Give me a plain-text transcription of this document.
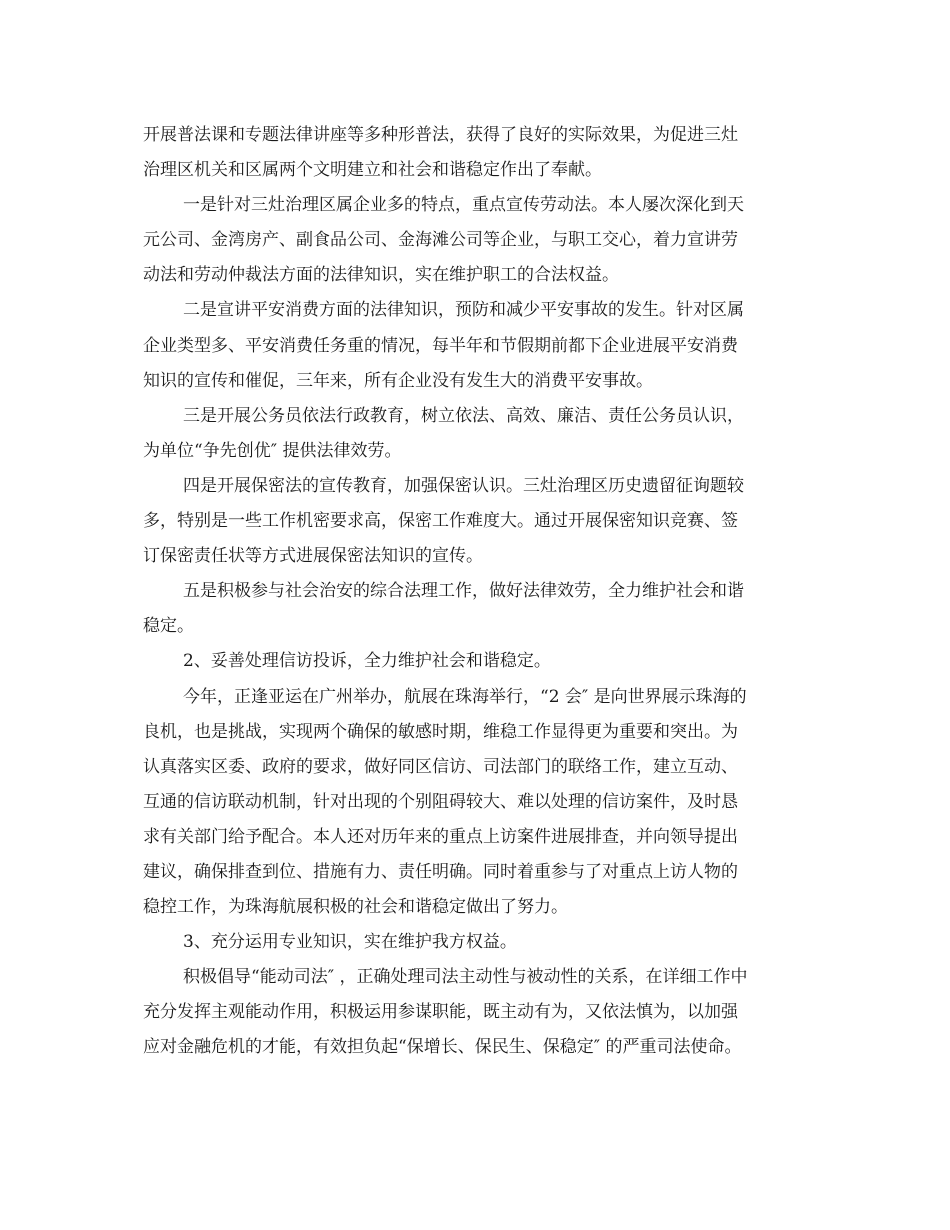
开展普法课和专题法律讲座等多种形普法，获得了良好的实际效果，为促进三灶
治理区机关和区属两个文明建立和社会和谐稳定作出了奉献。
一是针对三灶治理区属企业多的特点，重点宣传劳动法。本人屡次深化到天
元公司、金湾房产、副食品公司、金海滩公司等企业，与职工交心，着力宣讲劳
动法和劳动仲裁法方面的法律知识，实在维护职工的合法权益。
二是宣讲平安消费方面的法律知识，预防和减少平安事故的发生。针对区属
企业类型多、平安消费任务重的情况，每半年和节假期前都下企业进展平安消费
知识的宣传和催促，三年来，所有企业没有发生大的消费平安事故。
三是开展公务员依法行政教育，树立依法、高效、廉洁、责任公务员认识，
为单位“争先创优″ 提供法律效劳。
四是开展保密法的宣传教育，加强保密认识。三灶治理区历史遗留征询题较
多，特别是一些工作机密要求高，保密工作难度大。通过开展保密知识竞赛、签
订保密责任状等方式进展保密法知识的宣传。
五是积极参与社会治安的综合法理工作，做好法律效劳，全力维护社会和谐
稳定。
2、妥善处理信访投诉，全力维护社会和谐稳定。
今年，正逢亚运在广州举办，航展在珠海举行，“2 会″ 是向世界展示珠海的
良机，也是挑战，实现两个确保的敏感时期，维稳工作显得更为重要和突出。为
认真落实区委、政府的要求，做好同区信访、司法部门的联络工作，建立互动、
互通的信访联动机制，针对出现的个别阻碍较大、难以处理的信访案件，及时恳
求有关部门给予配合。本人还对历年来的重点上访案件进展排查，并向领导提出
建议，确保排查到位、措施有力、责任明确。同时着重参与了对重点上访人物的
稳控工作，为珠海航展积极的社会和谐稳定做出了努力。
3、充分运用专业知识，实在维护我方权益。
积极倡导“能动司法″ ，正确处理司法主动性与被动性的关系，在详细工作中
充分发挥主观能动作用，积极运用参谋职能，既主动有为，又依法慎为，以加强
应对金融危机的才能，有效担负起“保增长、保民生、保稳定″ 的严重司法使命。
